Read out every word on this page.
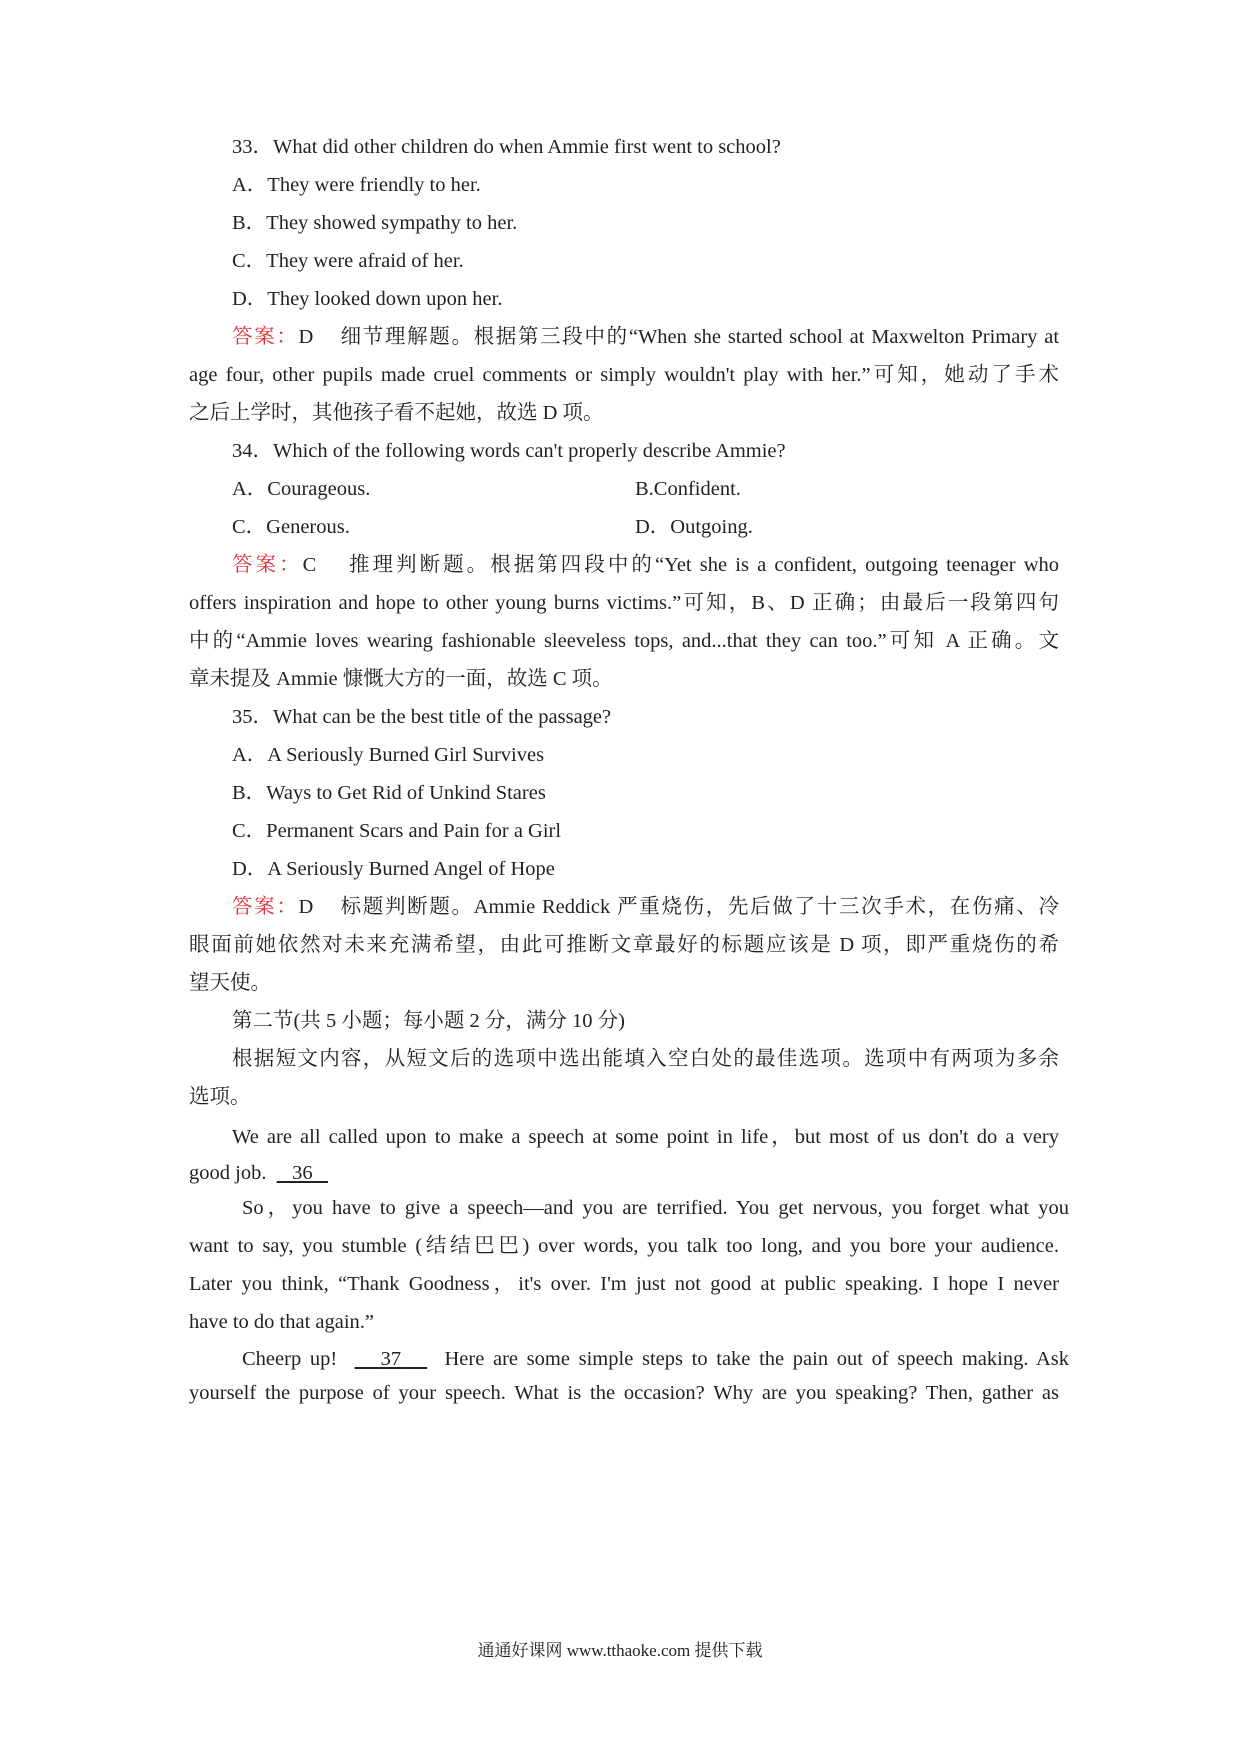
33．What did other children do when Ammie first went to school?
A．They were friendly to her.
B．They showed sympathy to her.
C．They were afraid of her.
D．They looked down upon her.
答案：D 细节理解题。根据第三段中的“When she started school at Maxwelton Primary at
age four, other pupils made cruel comments or simply wouldn't play with her.”可知，她动了手术
之后上学时，其他孩子看不起她，故选 D 项。
34．Which of the following words can't properly describe Ammie?
A．Courageous.	B.Confident.
C．Generous.	D．Outgoing.
答案：C 推理判断题。根据第四段中的“Yet she is a confident, outgoing teenager who
offers inspiration and hope to other young burns victims.”可知，B、D 正确；由最后一段第四句
中的“Ammie loves wearing fashionable sleeveless tops, and...that they can too.”可知 A 正确。文
章未提及 Ammie 慷慨大方的一面，故选 C 项。
35．What can be the best title of the passage?
A．A Seriously Burned Girl Survives
B．Ways to Get Rid of Unkind Stares
C．Permanent Scars and Pain for a Girl
D．A Seriously Burned Angel of Hope
答案：D 标题判断题。Ammie Reddick 严重烧伤，先后做了十三次手术，在伤痛、冷
眼面前她依然对未来充满希望，由此可推断文章最好的标题应该是 D 项，即严重烧伤的希
望天使。
第二节(共 5 小题；每小题 2 分，满分 10 分)
根据短文内容，从短文后的选项中选出能填入空白处的最佳选项。选项中有两项为多余
选项。
We are all called upon to make a speech at some point in life，but most of us don't do a very
good job. 36
So，you have to give a speech—and you are terrified. You get nervous, you forget what you
want to say, you stumble (结结巴巴) over words, you talk too long, and you bore your audience.
Later you think, “Thank Goodness，it's over. I'm just not good at public speaking. I hope I never
have to do that again.”
Cheerp up! 37 Here are some simple steps to take the pain out of speech making. Ask
yourself the purpose of your speech. What is the occasion? Why are you speaking? Then, gather as
通通好课网 www.tthaoke.com 提供下载
